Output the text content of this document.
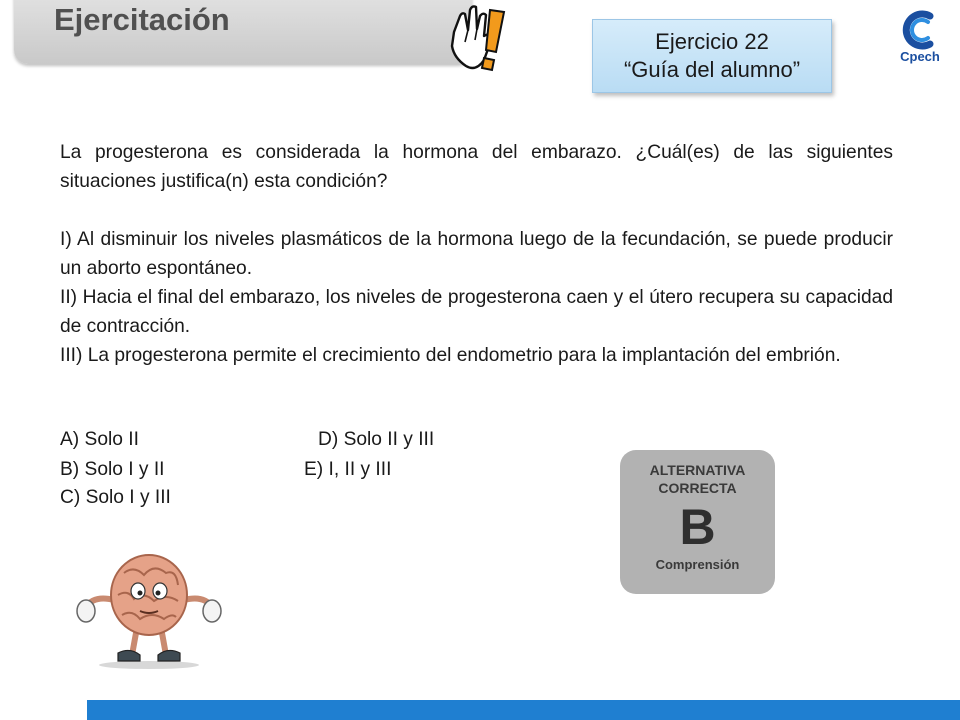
Ejercitación
Ejercicio 22
“Guía del alumno”
Cpech

La progesterona es considerada la hormona del embarazo. ¿Cuál(es) de las siguientes situaciones justifica(n) esta condición?

I) Al disminuir los niveles plasmáticos de la hormona luego de la fecundación, se puede producir un aborto espontáneo.

II) Hacia el final del embarazo, los niveles de progesterona caen y el útero recupera su capacidad de contracción.

III) La progesterona permite el crecimiento del endometrio para la implantación del embrión.

A) Solo II
B) Solo I y II
C) Solo I y III
D) Solo II y III
E) I, II y III	ALTERNATIVA
CORRECTA
B
Comprensión
